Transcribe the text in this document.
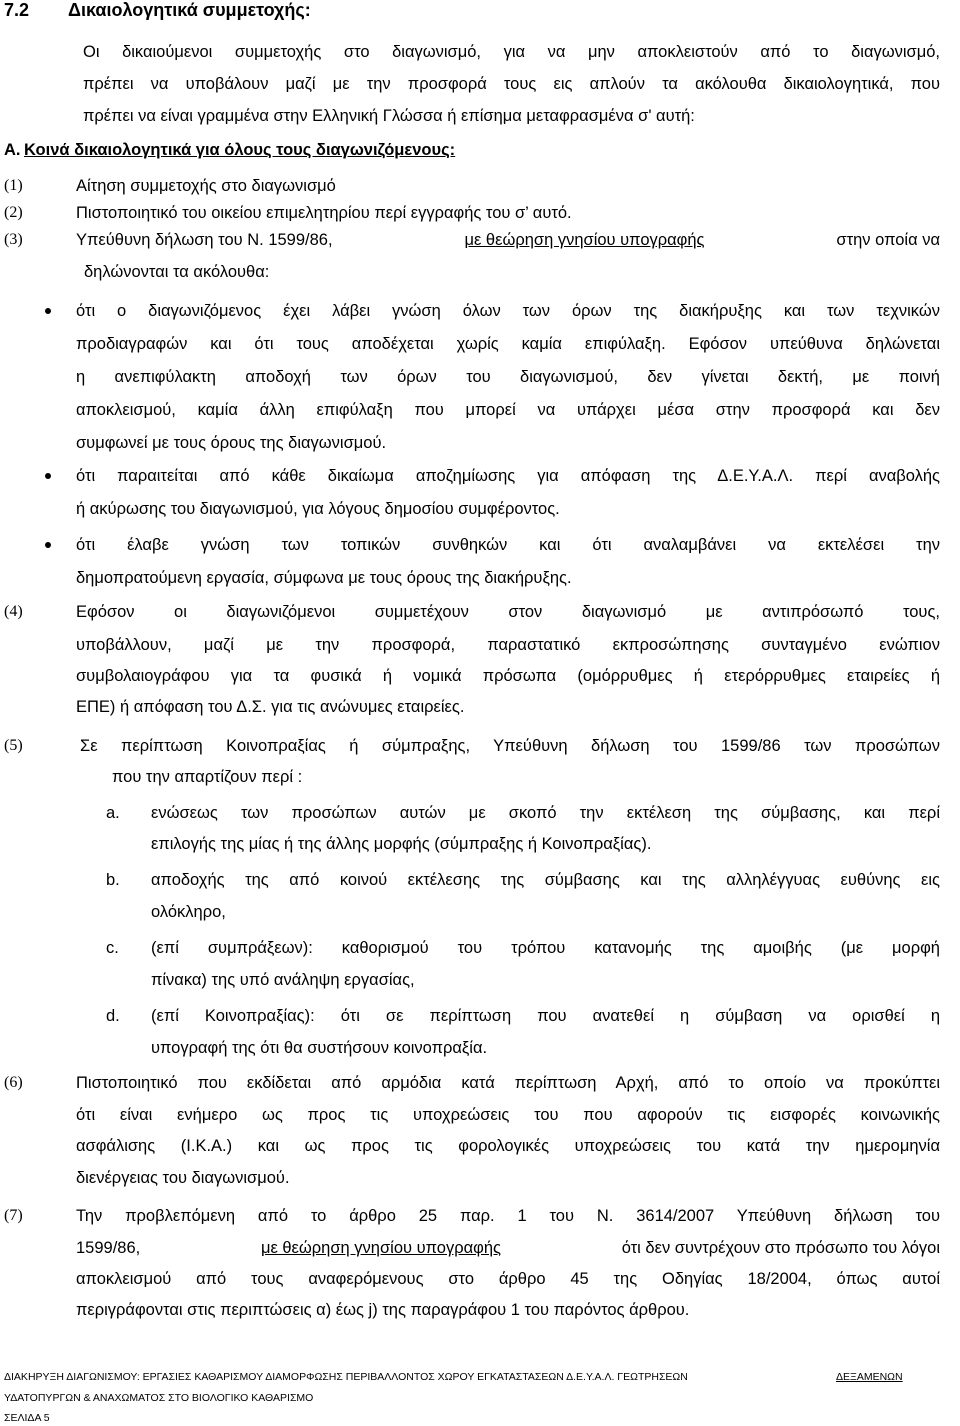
7.2 Δικαιολογητικά συμμετοχής:
Οι δικαιούμενοι συμμετοχής στο διαγωνισμό, για να μην αποκλειστούν από το διαγωνισμό,
πρέπει να υποβάλουν μαζί με την προσφορά τους εις απλούν τα ακόλουθα δικαιολογητικά, που
πρέπει να είναι γραμμένα στην Ελληνική Γλώσσα ή επίσημα μεταφρασμένα σ' αυτή:
Α. Κοινά δικαιολογητικά για όλους τους διαγωνιζόμενους:
(1)	Αίτηση συμμετοχής στο διαγωνισμό
(2)	Πιστοποιητικό του οικείου επιμελητηρίου περί εγγραφής του σ’ αυτό.
(3)	Υπεύθυνη δήλωση του Ν. 1599/86,	με θεώρηση γνησίου υπογραφής	στην οποία να
δηλώνονται τα ακόλουθα:
ότι ο διαγωνιζόμενος έχει λάβει γνώση όλων των όρων της διακήρυξης και των τεχνικών
προδιαγραφών και ότι τους αποδέχεται χωρίς καμία επιφύλαξη. Εφόσον υπεύθυνα δηλώνεται
η ανεπιφύλακτη αποδοχή των όρων του διαγωνισμού, δεν γίνεται δεκτή, με ποινή
αποκλεισμού, καμία άλλη επιφύλαξη που μπορεί να υπάρχει μέσα στην προσφορά και δεν
συμφωνεί με τους όρους της διαγωνισμού.
ότι παραιτείται από κάθε δικαίωμα αποζημίωσης για απόφαση της Δ.Ε.Υ.Α.Λ. περί αναβολής
ή ακύρωσης του διαγωνισμού, για λόγους δημοσίου συμφέροντος.
ότι έλαβε γνώση των τοπικών συνθηκών και ότι αναλαμβάνει να εκτελέσει την
δημοπρατούμενη εργασία, σύμφωνα με τους όρους της διακήρυξης.
(4)	Εφόσον οι διαγωνιζόμενοι συμμετέχουν στον διαγωνισμό με αντιπρόσωπό τους,
υποβάλλουν, μαζί με την προσφορά, παραστατικό εκπροσώπησης συνταγμένο ενώπιον
συμβολαιογράφου για τα φυσικά ή νομικά πρόσωπα (ομόρρυθμες ή ετερόρρυθμες εταιρείες ή
ΕΠΕ) ή απόφαση του Δ.Σ. για τις ανώνυμες εταιρείες.
(5)	Σε περίπτωση Κοινοπραξίας ή σύμπραξης, Υπεύθυνη δήλωση του 1599/86 των προσώπων
που την απαρτίζουν περί :
a. ενώσεως των προσώπων αυτών με σκοπό την εκτέλεση της σύμβασης, και περί
επιλογής της μίας ή της άλλης μορφής (σύμπραξης ή Κοινοπραξίας).
b. αποδοχής της από κοινού εκτέλεσης της σύμβασης και της αλληλέγγυας ευθύνης εις
ολόκληρο,
c. (επί συμπράξεων): καθορισμού του τρόπου κατανομής της αμοιβής (με μορφή
πίνακα) της υπό ανάληψη εργασίας,
d. (επί Κοινοπραξίας): ότι σε περίπτωση που ανατεθεί η σύμβαση να ορισθεί η
υπογραφή της ότι θα συστήσουν κοινοπραξία.
(6)	Πιστοποιητικό που εκδίδεται από αρμόδια κατά περίπτωση Αρχή, από το οποίο να προκύπτει
ότι είναι ενήμερο ως προς τις υποχρεώσεις του που αφορούν τις εισφορές κοινωνικής
ασφάλισης (Ι.Κ.Α.) και ως προς τις φορολογικές υποχρεώσεις του κατά την ημερομηνία
διενέργειας του διαγωνισμού.
(7)	Την προβλεπόμενη από το άρθρο 25 παρ. 1 του Ν. 3614/2007 Υπεύθυνη δήλωση του
1599/86,	με θεώρηση γνησίου υπογραφής	ότι δεν συντρέχουν στο πρόσωπο του λόγοι
αποκλεισμού από τους αναφερόμενους στο άρθρο 45 της Οδηγίας 18/2004, όπως αυτοί
περιγράφονται στις περιπτώσεις α) έως j) της παραγράφου 1 του παρόντος άρθρου.
ΔΙΑΚΗΡΥΞΗ ΔΙΑΓΩΝΙΣΜΟΥ: ΕΡΓΑΣΙΕΣ ΚΑΘΑΡΙΣΜΟΥ ΔΙΑΜΟΡΦΩΣΗΣ ΠΕΡΙΒΑΛΛΟΝΤΟΣ ΧΩΡΟΥ ΕΓΚΑΤΑΣΤΑΣΕΩΝ Δ.Ε.Υ.Α.Λ. ΓΕΩΤΡΗΣΕΩΝ	ΔΕΞΑΜΕΝΩΝ
ΥΔΑΤΟΠΥΡΓΩΝ & ΑΝΑΧΩΜΑΤΟΣ ΣΤΟ ΒΙΟΛΟΓΙΚΟ ΚΑΘΑΡΙΣΜΟ
ΣΕΛΙΔΑ 5
